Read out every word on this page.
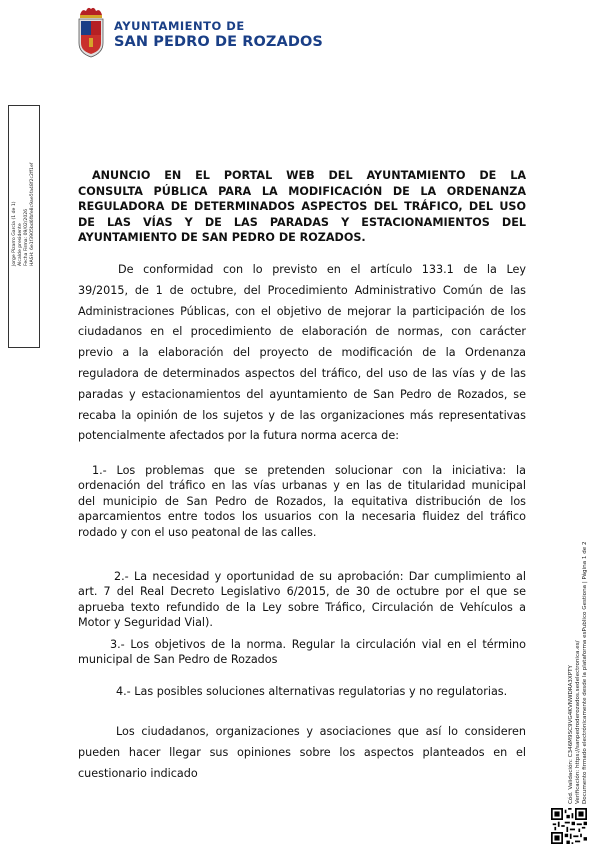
AYUNTAMIENTO DE
SAN PEDRO DE ROZADOS
Jorge Pizarro Garcia (1 de 1) Alcalde presidente Fecha Firma: 09/02/2026 HASH: 6e1f3905bd6fbfe8c9ae5fa48f2c2ff1ef	ANUNCIO EN EL PORTAL WEB DEL AYUNTAMIENTO DE LA
CONSULTA PÚBLICA PARA LA MODIFICACIÓN DE LA ORDENANZA
REGULADORA DE DETERMINADOS ASPECTOS DEL TRÁFICO, DEL USO
DE LAS VÍAS Y DE LAS PARADAS Y ESTACIONAMIENTOS DEL
AYUNTAMIENTO DE SAN PEDRO DE ROZADOS.
De conformidad con lo previsto en el artículo 133.1 de la Ley
39/2015, de 1 de octubre, del Procedimiento Administrativo Común de las
Administraciones Públicas, con el objetivo de mejorar la participación de los
ciudadanos en el procedimiento de elaboración de normas, con carácter
previo a la elaboración del proyecto de modificación de la Ordenanza
reguladora de determinados aspectos del tráfico, del uso de las vías y de las
paradas y estacionamientos del ayuntamiento de San Pedro de Rozados, se
recaba la opinión de los sujetos y de las organizaciones más representativas
potencialmente afectados por la futura norma acerca de:
1.- Los problemas que se pretenden solucionar con la iniciativa: la
ordenación del tráfico en las vías urbanas y en las de titularidad municipal
del municipio de San Pedro de Rozados, la equitativa distribución de los
aparcamientos entre todos los usuarios con la necesaria fluidez del tráfico
rodado y con el uso peatonal de las calles.
2.- La necesidad y oportunidad de su aprobación: Dar cumplimiento al
art. 7 del Real Decreto Legislativo 6/2015, de 30 de octubre por el que se
aprueba texto refundido de la Ley sobre Tráfico, Circulación de Vehículos a
Motor y Seguridad Vial).
3.- Los objetivos de la norma. Regular la circulación vial en el término
municipal de San Pedro de Rozados
4.- Las posibles soluciones alternativas regulatorias y no regulatorias.
Los ciudadanos, organizaciones y asociaciones que así lo consideren
pueden hacer llegar sus opiniones sobre los aspectos planteados en el
cuestionario indicado	Cód. Validación: C346M9SC9VG4KVNWDRA3XPTY Verificación: https://sanpedroderozados.sedelectronica.es/ Documento firmado electrónicamente desde la plataforma esPublico Gestiona | Página 1 de 2
